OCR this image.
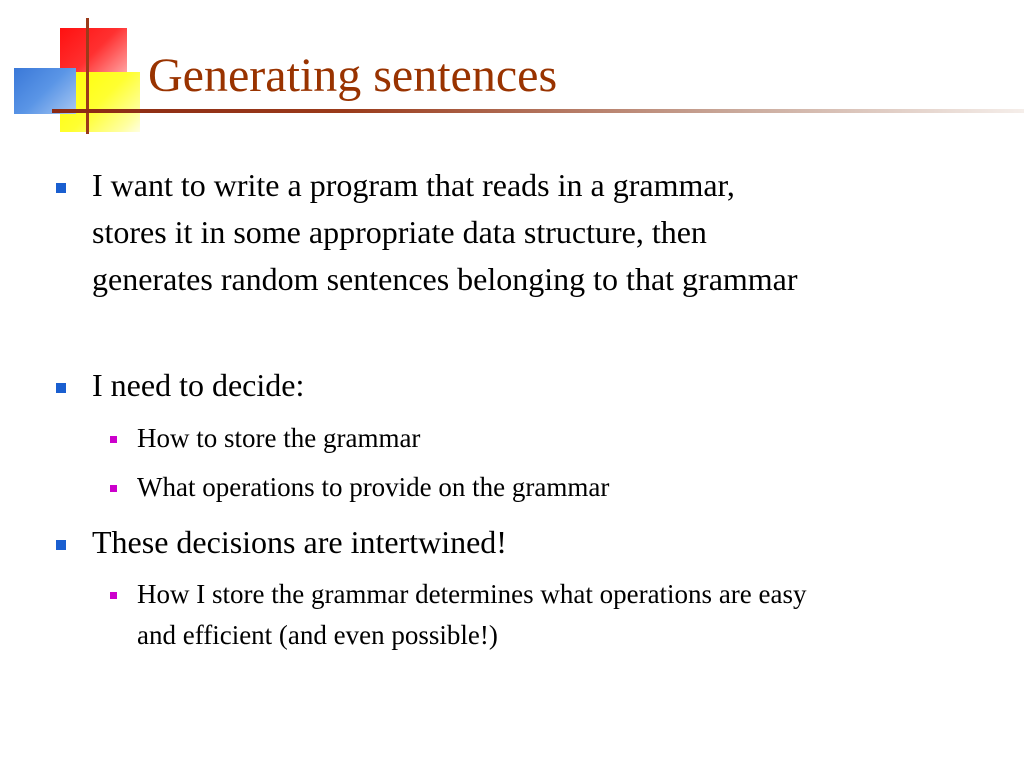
Generating sentences
I want to write a program that reads in a grammar,
stores it in some appropriate data structure, then
generates random sentences belonging to that grammar
I need to decide:
How to store the grammar
What operations to provide on the grammar
These decisions are intertwined!
How I store the grammar determines what operations are easy
and efficient (and even possible!)
